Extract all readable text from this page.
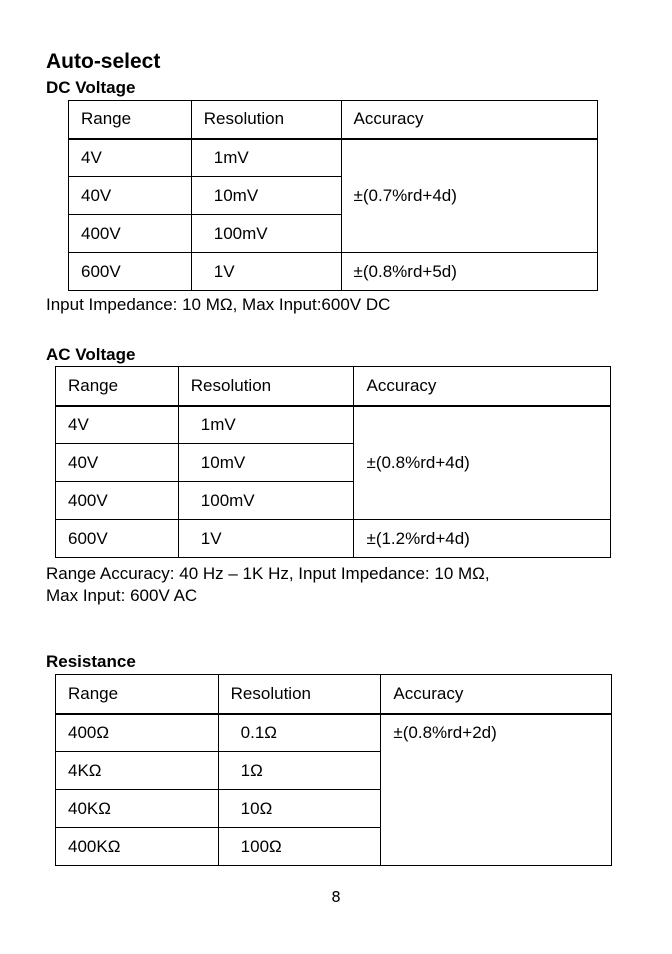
Auto-select
DC Voltage
Range	Resolution	Accuracy
4V	1mV	±(0.7%rd+4d)
40V	10mV	
400V	100mV	
600V	1V	±(0.8%rd+5d)
Input Impedance: 10 MΩ, Max Input:600V DC
AC Voltage
Range	Resolution	Accuracy
4V	1mV	±(0.8%rd+4d)
40V	10mV	
400V	100mV	
600V	1V	±(1.2%rd+4d)
Range Accuracy: 40 Hz – 1K Hz, Input Impedance: 10 MΩ,
Max Input: 600V AC
Resistance
Range	Resolution	Accuracy
400Ω	0.1Ω	±(0.8%rd+2d)
4KΩ	1Ω	
40KΩ	10Ω	
400KΩ	100Ω	
8
